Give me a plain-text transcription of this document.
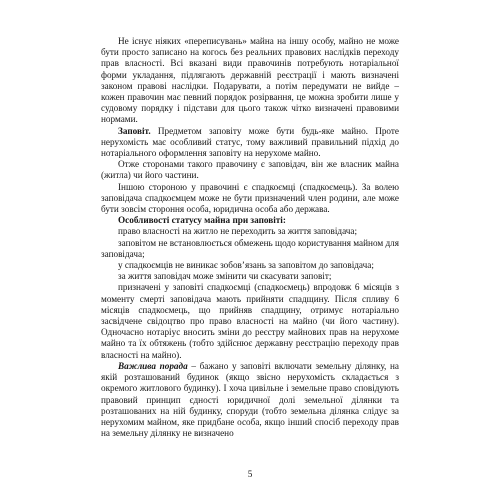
Не існує ніяких «переписувань» майна на іншу особу, майно не може бути просто записано на когось без реальних правових наслідків переходу прав власності. Всі вказані види правочинів потребують нотаріальної форми укладання, підлягають державній реєстрації і мають визначені законом правові наслідки. Подарувати, а потім передумати не вийде – кожен правочин має певний порядок розірвання, це можна зробити лише у судовому порядку і підстави для цього також чітко визначені правовими нормами.

Заповіт. Предметом заповіту може бути будь-яке майно. Проте нерухомість має особливий статус, тому важливий правильний підхід до нотаріального оформлення заповіту на нерухоме майно.

Отже сторонами такого правочину є заповідач, він же власник майна (житла) чи його частини.

Іншою стороною у правочині є спадкоємці (спадкоємець). За волею заповідача спадкоємцем може не бути призначений член родини, але може бути зовсім стороння особа, юридична особа або держава.

Особливості статусу майна при заповіті:

право власності на житло не переходить за життя заповідача;

заповітом не встановлюється обмежень щодо користування майном для заповідача;

у спадкоємців не виникає зобов’язань за заповітом до заповідача;

за життя заповідач може змінити чи скасувати заповіт;

призначені у заповіті спадкоємці (спадкоємець) впродовж 6 місяців з моменту смерті заповідача мають прийняти спадщину. Після спливу 6 місяців спадкоємець, що прийняв спадщину, отримує нотаріально засвідчене свідоцтво про право власності на майно (чи його частину). Одночасно нотаріус вносить зміни до реєстру майнових прав на нерухоме майно та їх обтяжень (тобто здійснює державну реєстрацію переходу прав власності на майно).

Важлива порада – бажано у заповіті включати земельну ділянку, на якій розташований будинок (якщо звісно нерухомість складається з окремого житлового будинку). І хоча цивільне і земельне право сповідують правовий принцип єдності юридичної долі земельної ділянки та розташованих на ній будинку, споруди (тобто земельна ділянка слідує за нерухомим майном, яке придбане особа, якщо інший спосіб переходу прав на земельну ділянку не визначено

5
